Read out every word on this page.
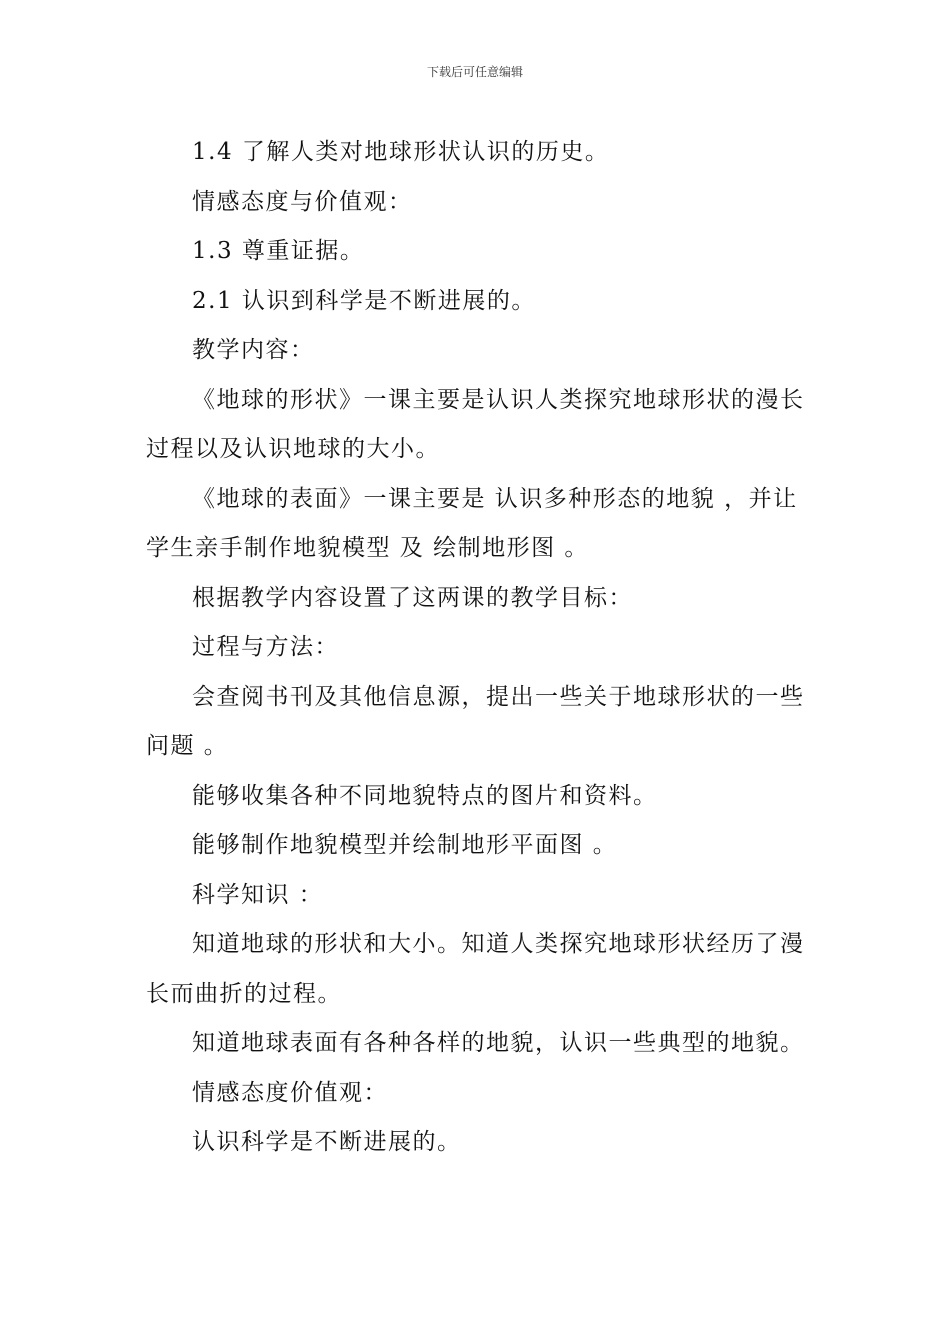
下载后可任意编辑

1.4 了解人类对地球形状认识的历史。

情感态度与价值观：

1.3 尊重证据。

2.1 认识到科学是不断进展的。

教学内容：

《地球的形状》一课主要是认识人类探究地球形状的漫长过程以及认识地球的大小。

《地球的表面》一课主要是 认识多种形态的地貌 ，并让学生亲手制作地貌模型 及 绘制地形图 。

根据教学内容设置了这两课的教学目标：

过程与方法：

会查阅书刊及其他信息源，提出一些关于地球形状的一些问题 。

能够收集各种不同地貌特点的图片和资料。

能够制作地貌模型并绘制地形平面图 。

科学知识 ：

知道地球的形状和大小。知道人类探究地球形状经历了漫长而曲折的过程。

知道地球表面有各种各样的地貌，认识一些典型的地貌。

情感态度价值观：

认识科学是不断进展的。
